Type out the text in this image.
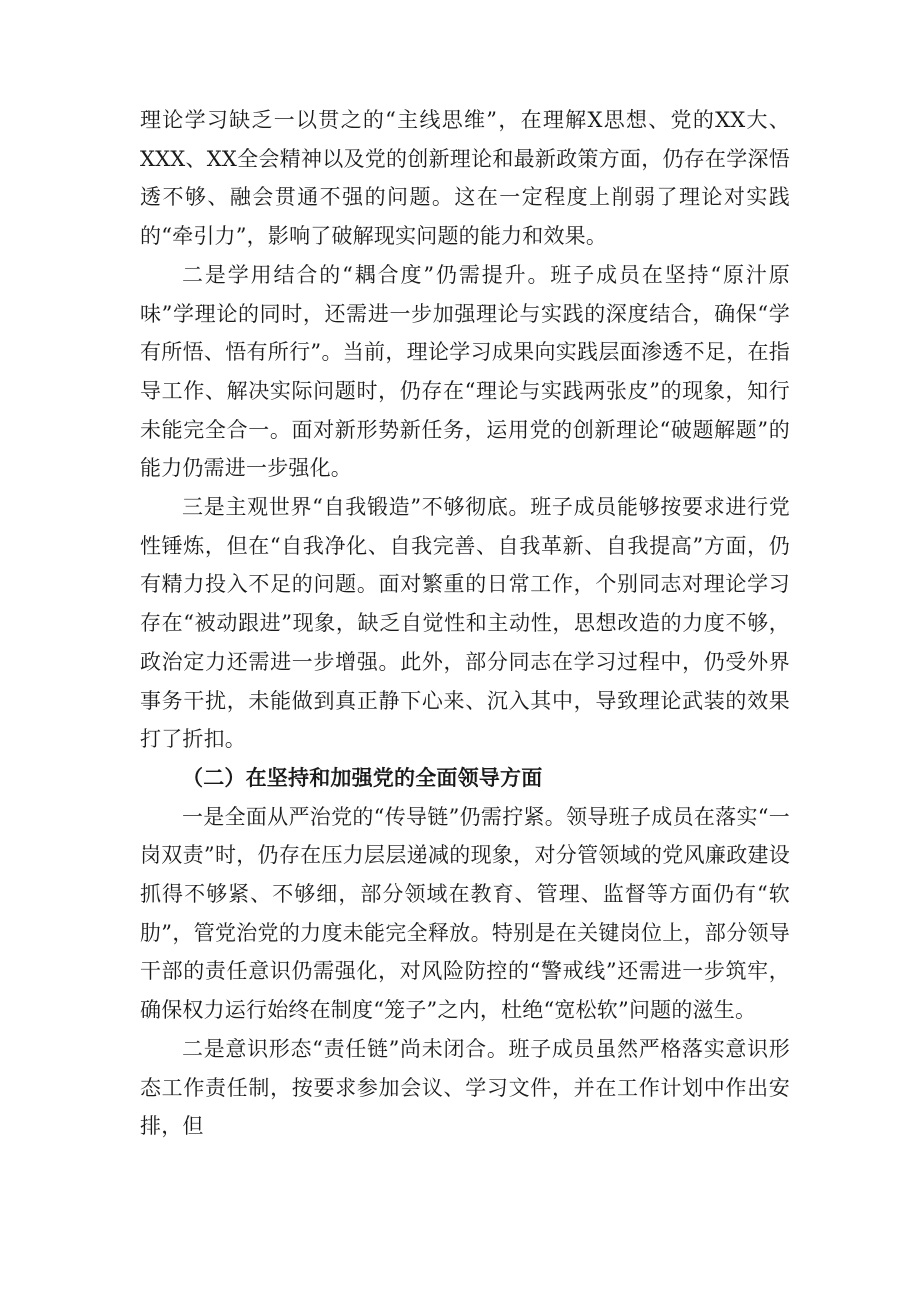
理论学习缺乏一以贯之的“主线思维”，在理解X思想、党的XX大、XXX、XX全会精神以及党的创新理论和最新政策方面，仍存在学深悟透不够、融会贯通不强的问题。这在一定程度上削弱了理论对实践的“牵引力”，影响了破解现实问题的能力和效果。

二是学用结合的“耦合度”仍需提升。班子成员在坚持“原汁原味”学理论的同时，还需进一步加强理论与实践的深度结合，确保“学有所悟、悟有所行”。当前，理论学习成果向实践层面渗透不足，在指导工作、解决实际问题时，仍存在“理论与实践两张皮”的现象，知行未能完全合一。面对新形势新任务，运用党的创新理论“破题解题”的能力仍需进一步强化。

三是主观世界“自我锻造”不够彻底。班子成员能够按要求进行党性锤炼，但在“自我净化、自我完善、自我革新、自我提高”方面，仍有精力投入不足的问题。面对繁重的日常工作，个别同志对理论学习存在“被动跟进”现象，缺乏自觉性和主动性，思想改造的力度不够，政治定力还需进一步增强。此外，部分同志在学习过程中，仍受外界事务干扰，未能做到真正静下心来、沉入其中，导致理论武装的效果打了折扣。

（二）在坚持和加强党的全面领导方面

一是全面从严治党的“传导链”仍需拧紧。领导班子成员在落实“一岗双责”时，仍存在压力层层递减的现象，对分管领域的党风廉政建设抓得不够紧、不够细，部分领域在教育、管理、监督等方面仍有“软肋”，管党治党的力度未能完全释放。特别是在关键岗位上，部分领导干部的责任意识仍需强化，对风险防控的“警戒线”还需进一步筑牢，确保权力运行始终在制度“笼子”之内，杜绝“宽松软”问题的滋生。

二是意识形态“责任链”尚未闭合。班子成员虽然严格落实意识形态工作责任制，按要求参加会议、学习文件，并在工作计划中作出安排，但
